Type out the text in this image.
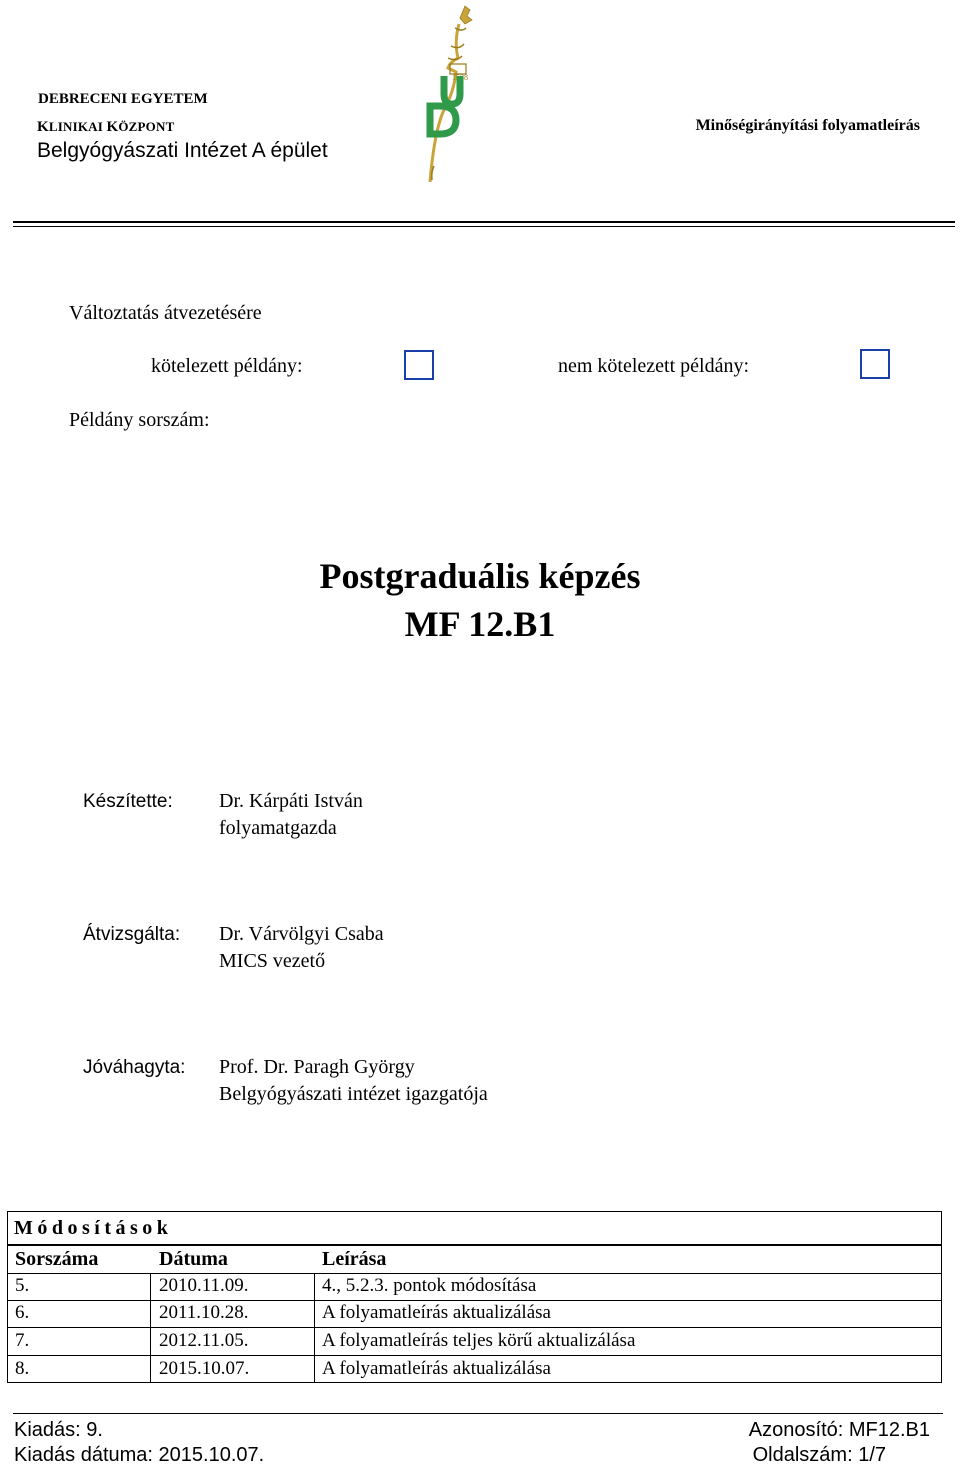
DEBRECENI EGYETEM
KLINIKAI KÖZPONT
Belgyógyászati Intézet A épület
1538
Minőségirányítási folyamatleírás
Változtatás átvezetésére
kötelezett példány:	nem kötelezett példány:
Példány sorszám:
Postgraduális képzés
MF 12.B1
Készítette: Dr. Kárpáti István
folyamatgazda
Átvizsgálta: Dr. Várvölgyi Csaba
MICS vezető
Jóváhagyta: Prof. Dr. Paragh György
Belgyógyászati intézet igazgatója
Módosítások
Sorszáma	Dátuma	Leírása
5.	2010.11.09.	4., 5.2.3. pontok módosítása
6.	2011.10.28.	A folyamatleírás aktualizálása
7.	2012.11.05.	A folyamatleírás teljes körű aktualizálása
8.	2015.10.07.	A folyamatleírás aktualizálása
Kiadás: 9.
Kiadás dátuma: 2015.10.07.
Azonosító: MF12.B1
Oldalszám: 1/7
